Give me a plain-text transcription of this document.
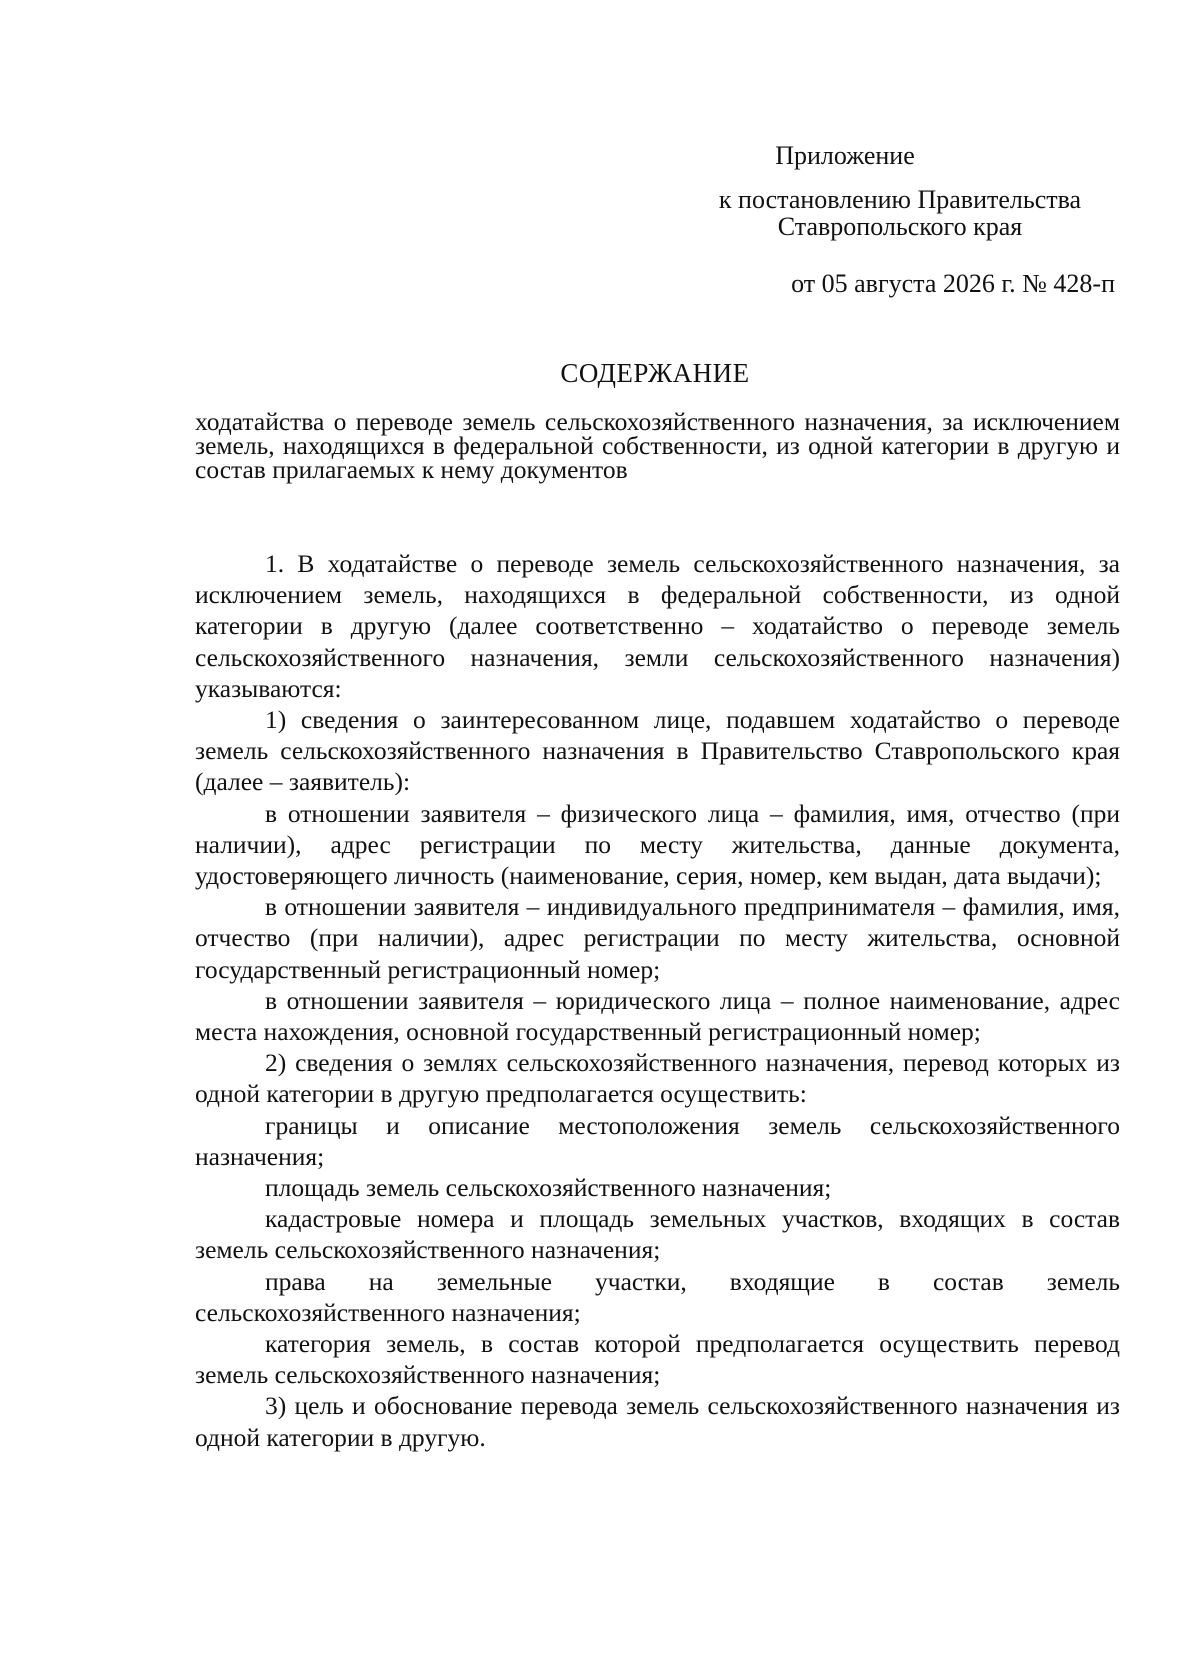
Приложение
к постановлению Правительства
Ставропольского края
от 05 августа 2026 г. № 428-п
СОДЕРЖАНИЕ
ходатайства о переводе земель сельскохозяйственного назначения, за исключением земель, находящихся в федеральной собственности, из одной категории в другую и состав прилагаемых к нему документов

1. В ходатайстве о переводе земель сельскохозяйственного назначения, за исключением земель, находящихся в федеральной собственности, из одной категории в другую (далее соответственно – ходатайство о переводе земель сельскохозяйственного назначения, земли сельскохозяйственного назначения) указываются:

1) сведения о заинтересованном лице, подавшем ходатайство о переводе земель сельскохозяйственного назначения в Правительство Ставропольского края (далее – заявитель):

в отношении заявителя – физического лица – фамилия, имя, отчество (при наличии), адрес регистрации по месту жительства, данные документа, удостоверяющего личность (наименование, серия, номер, кем выдан, дата выдачи);

в отношении заявителя – индивидуального предпринимателя – фамилия, имя, отчество (при наличии), адрес регистрации по месту жительства, основной государственный регистрационный номер;

в отношении заявителя – юридического лица – полное наименование, адрес места нахождения, основной государственный регистрационный номер;

2) сведения о землях сельскохозяйственного назначения, перевод которых из одной категории в другую предполагается осуществить:

границы и описание местоположения земель сельскохозяйственного назначения;

площадь земель сельскохозяйственного назначения;

кадастровые номера и площадь земельных участков, входящих в состав земель сельскохозяйственного назначения;

права на земельные участки, входящие в состав земель сельскохозяйственного назначения;

категория земель, в состав которой предполагается осуществить перевод земель сельскохозяйственного назначения;

3) цель и обоснование перевода земель сельскохозяйственного назначения из одной категории в другую.
